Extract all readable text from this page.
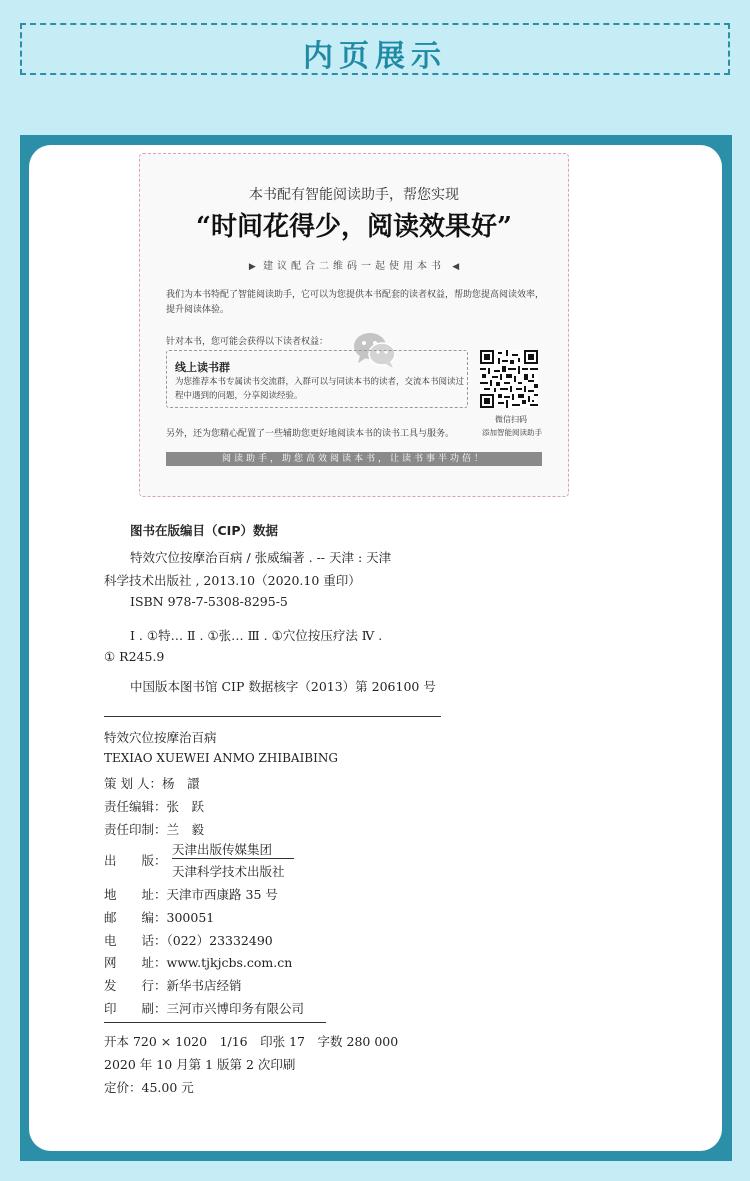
内页展示
本书配有智能阅读助手，帮您实现
“时间花得少，阅读效果好”
▶ 建议配合二维码一起使用本书 ◀
我们为本书特配了智能阅读助手，它可以为您提供本书配套的读者权益，帮助您提高阅读效率，提升阅读体验。
针对本书，您可能会获得以下读者权益：
线上读书群
为您推荐本书专属读书交流群，入群可以与同读本书的读者，交流本书阅读过程中遇到的问题，分享阅读经验。
微信扫码
添加智能阅读助手
另外，还为您精心配置了一些辅助您更好地阅读本书的读书工具与服务。
阅读助手，助您高效阅读本书，让读书事半功倍！
图书在版编目（CIP）数据
特效穴位按摩治百病 / 张威编著 . -- 天津 : 天津
科学技术出版社 , 2013.10（2020.10 重印）
ISBN 978-7-5308-8295-5
Ⅰ . ①特… Ⅱ . ①张… Ⅲ . ①穴位按压疗法 Ⅳ .
① R245.9
中国版本图书馆 CIP 数据核字（2013）第 206100 号
特效穴位按摩治百病
TEXIAO XUEWEI ANMO ZHIBAIBING
策 划 人：杨　譞
责任编辑：张　跃
责任印制：兰　毅
出　　版：
天津出版传媒集团
天津科学技术出版社
地　　址：天津市西康路 35 号
邮　　编：300051
电　　话：（022）23332490
网　　址：www.tjkjcbs.com.cn
发　　行：新华书店经销
印　　刷：三河市兴博印务有限公司
开本 720 × 1020　1/16　印张 17　字数 280 000
2020 年 10 月第 1 版第 2 次印刷
定价：45.00 元
